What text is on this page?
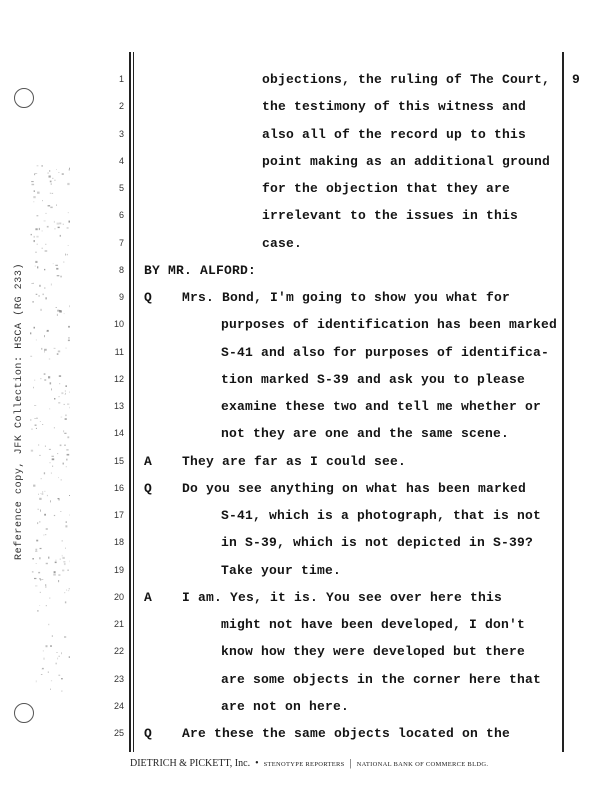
Reference copy, JFK Collection: HSCA (RG 233)
9
1	objections, the ruling of The Court,
2	the testimony of this witness and
3	also all of the record up to this
4	point making as an additional ground
5	for the objection that they are
6	irrelevant to the issues in this
7	case.
8 BY MR. ALFORD:
9 Q Mrs. Bond, I'm going to show you what for
10	purposes of identification has been marked
11	S-41 and also for purposes of identifica-
12	tion marked S-39 and ask you to please
13	examine these two and tell me whether or
14	not they are one and the same scene.
15 A They are far as I could see.
16 Q Do you see anything on what has been marked
17	S-41, which is a photograph, that is not
18	in S-39, which is not depicted in S-39?
19	Take your time.
20 A I am. Yes, it is. You see over here this
21	might not have been developed, I don't
22	know how they were developed but there
23	are some objects in the corner here that
24	are not on here.
25 Q Are these the same objects located on the
DIETRICH & PICKETT, Inc. • STENOTYPE REPORTERS | NATIONAL BANK OF COMMERCE BLDG.
